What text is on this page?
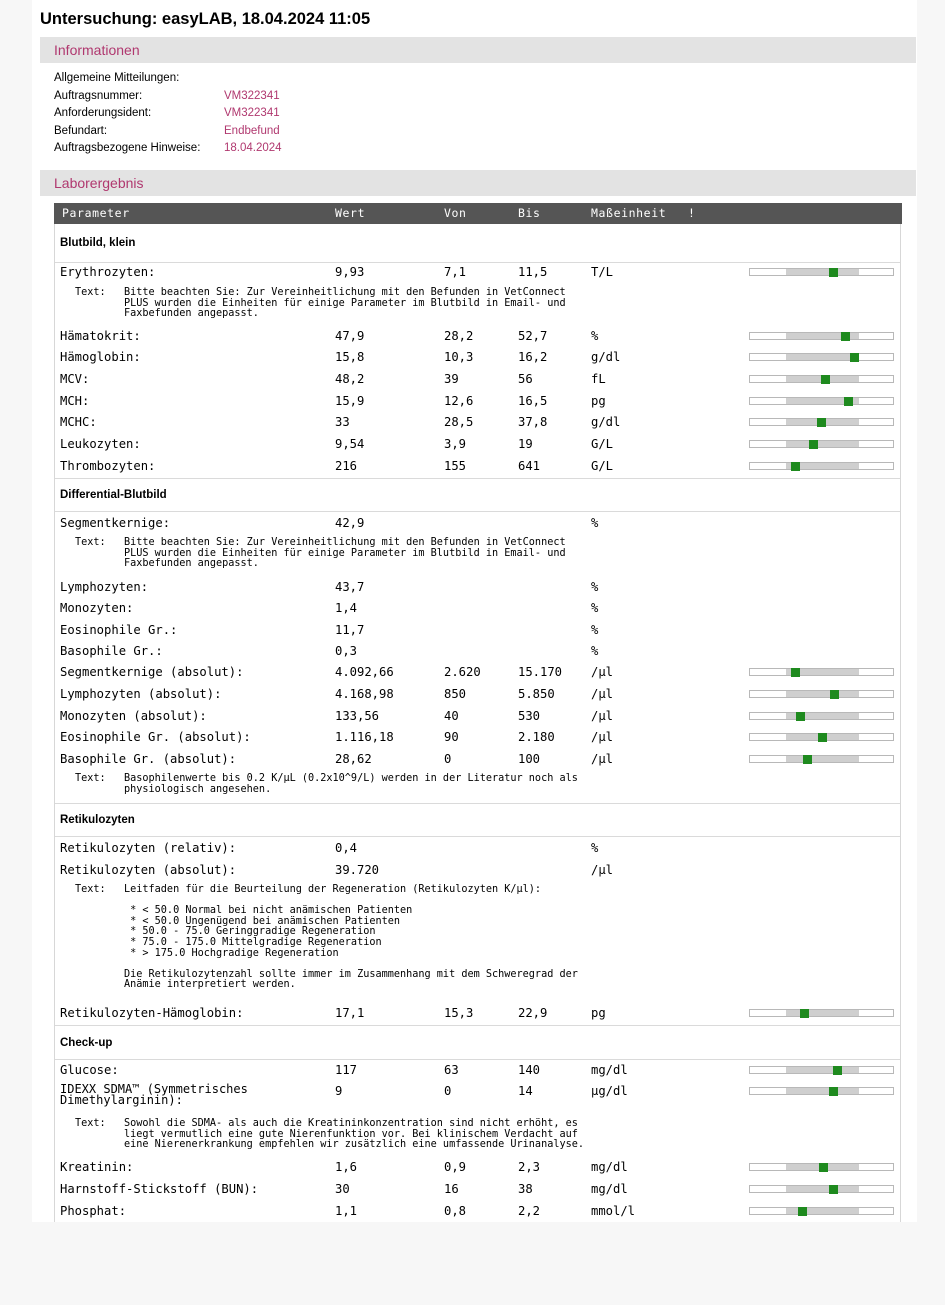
Untersuchung: easyLAB, 18.04.2024 11:05
Informationen
Allgemeine Mitteilungen:
Auftragsnummer:	VM322341
Anforderungsident:	VM322341
Befundart:	Endbefund
Auftragsbezogene Hinweise: 18.04.2024
Laborergebnis
Parameter	Wert	Von	Bis	Maßeinheit !
Blutbild, klein
Differential-Blutbild
Retikulozyten
Check-up

Text:

Bitte beachten Sie: Zur Vereinheitlichung mit den Befunden in VetConnect
PLUS wurden die Einheiten für einige Parameter im Blutbild in Email- und
Faxbefunden angepasst.

Text:

Bitte beachten Sie: Zur Vereinheitlichung mit den Befunden in VetConnect
PLUS wurden die Einheiten für einige Parameter im Blutbild in Email- und
Faxbefunden angepasst.

Text:

Basophilenwerte bis 0.2 K/µL (0.2x10^9/L) werden in der Literatur noch als
physiologisch angesehen.

Text:

Leitfaden für die Beurteilung der Regeneration (Retikulozyten K/µl):

* < 50.0 Normal bei nicht anämischen Patienten
* < 50.0 Ungenügend bei anämischen Patienten
* 50.0 - 75.0 Geringgradige Regeneration
* 75.0 - 175.0 Mittelgradige Regeneration
* > 175.0 Hochgradige Regeneration

Die Retikulozytenzahl sollte immer im Zusammenhang mit dem Schweregrad der
Anämie interpretiert werden.

Text:

Sowohl die SDMA- als auch die Kreatininkonzentration sind nicht erhöht, es
liegt vermutlich eine gute Nierenfunktion vor. Bei klinischem Verdacht auf
eine Nierenerkrankung empfehlen wir zusätzlich eine umfassende Urinanalyse.

Erythrozyten:	9,93	7,1	11,5	T/L
Hämatokrit:	47,9	28,2	52,7	%
Hämoglobin:	15,8	10,3	16,2	g/dl
MCV:	48,2	39	56	fL
MCH:	15,9	12,6	16,5	pg
MCHC:	33	28,5	37,8	g/dl
Leukozyten:	9,54	3,9	19	G/L
Thrombozyten:	216	155	641	G/L
Segmentkernige:	42,9	%
Lymphozyten:	43,7	%
Monozyten:	1,4	%
Eosinophile Gr.:	11,7	%
Basophile Gr.:	0,3	%
Segmentkernige (absolut):	4.092,66	2.620	15.170 /µl
Lymphozyten (absolut):	4.168,98	850	5.850	/µl
Monozyten (absolut):	133,56	40	530	/µl
Eosinophile Gr. (absolut):	1.116,18	90	2.180	/µl
Basophile Gr. (absolut):	28,62	0	100	/µl
Retikulozyten (relativ):	0,4	%
Retikulozyten (absolut):	39.720	/µl
Retikulozyten-Hämoglobin:	17,1	15,3	22,9	pg
Glucose:	117	63	140	mg/dl
IDEXX SDMA™ (Symmetrisches
Dimethylarginin):
9	0	14	µg/dl
Kreatinin:	1,6	0,9	2,3	mg/dl
Harnstoff-Stickstoff (BUN):	30	16	38	mg/dl
Phosphat:	1,1	0,8	2,2	mmol/l
